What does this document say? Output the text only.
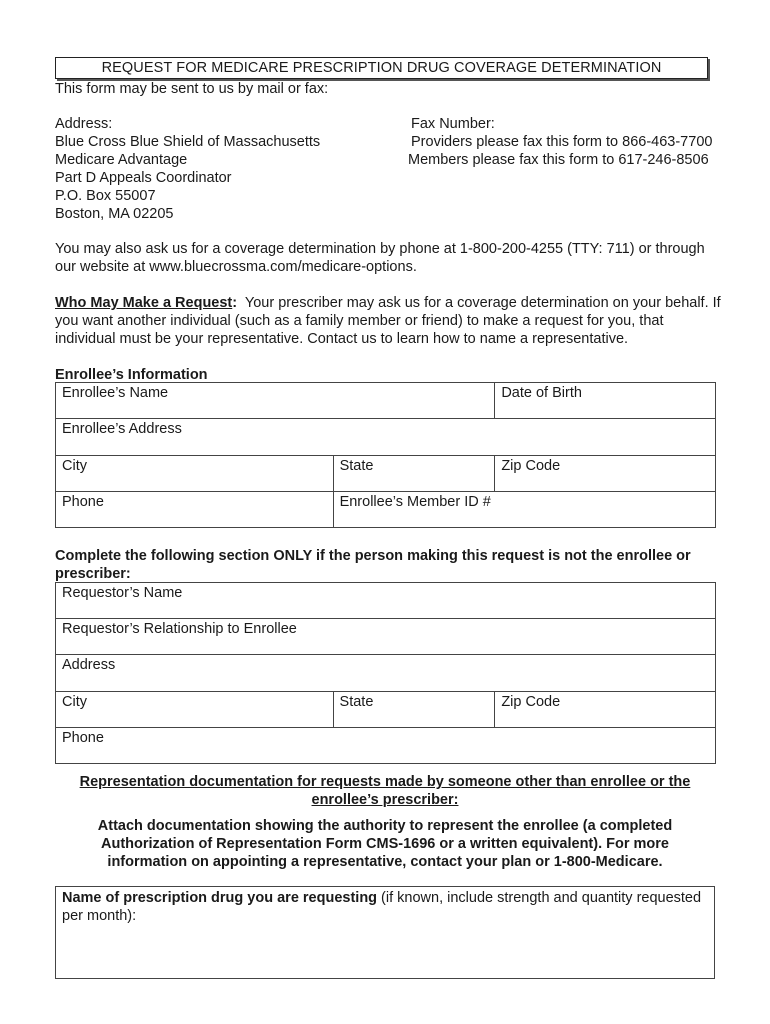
REQUEST FOR MEDICARE PRESCRIPTION DRUG COVERAGE DETERMINATION
This form may be sent to us by mail or fax:
Address:
Blue Cross Blue Shield of Massachusetts
Medicare Advantage
Part D Appeals Coordinator
P.O. Box 55007
Boston, MA 02205
Fax Number:
Providers please fax this form to 866-463-7700
Members please fax this form to 617-246-8506
You may also ask us for a coverage determination by phone at 1-800-200-4255 (TTY: 711) or through our website at www.bluecrossma.com/medicare-options.
Who May Make a Request:  Your prescriber may ask us for a coverage determination on your behalf. If you want another individual (such as a family member or friend) to make a request for you, that individual must be your representative. Contact us to learn how to name a representative.
Enrollee’s Information
Enrollee’s Name		Date of Birth
Enrollee’s Address		
City	State	Zip Code
Phone	Enrollee’s Member ID #	
Complete the following section ONLY if the person making this request is not the enrollee or prescriber:
Requestor’s Name
Requestor’s Relationship to Enrollee
Address
City	State	Zip Code
Phone
Representation documentation for requests made by someone other than enrollee or the enrollee’s prescriber:
Attach documentation showing the authority to represent the enrollee (a completed Authorization of Representation Form CMS-1696 or a written equivalent). For more information on appointing a representative, contact your plan or 1-800-Medicare.
Name of prescription drug you are requesting (if known, include strength and quantity requested per month):
